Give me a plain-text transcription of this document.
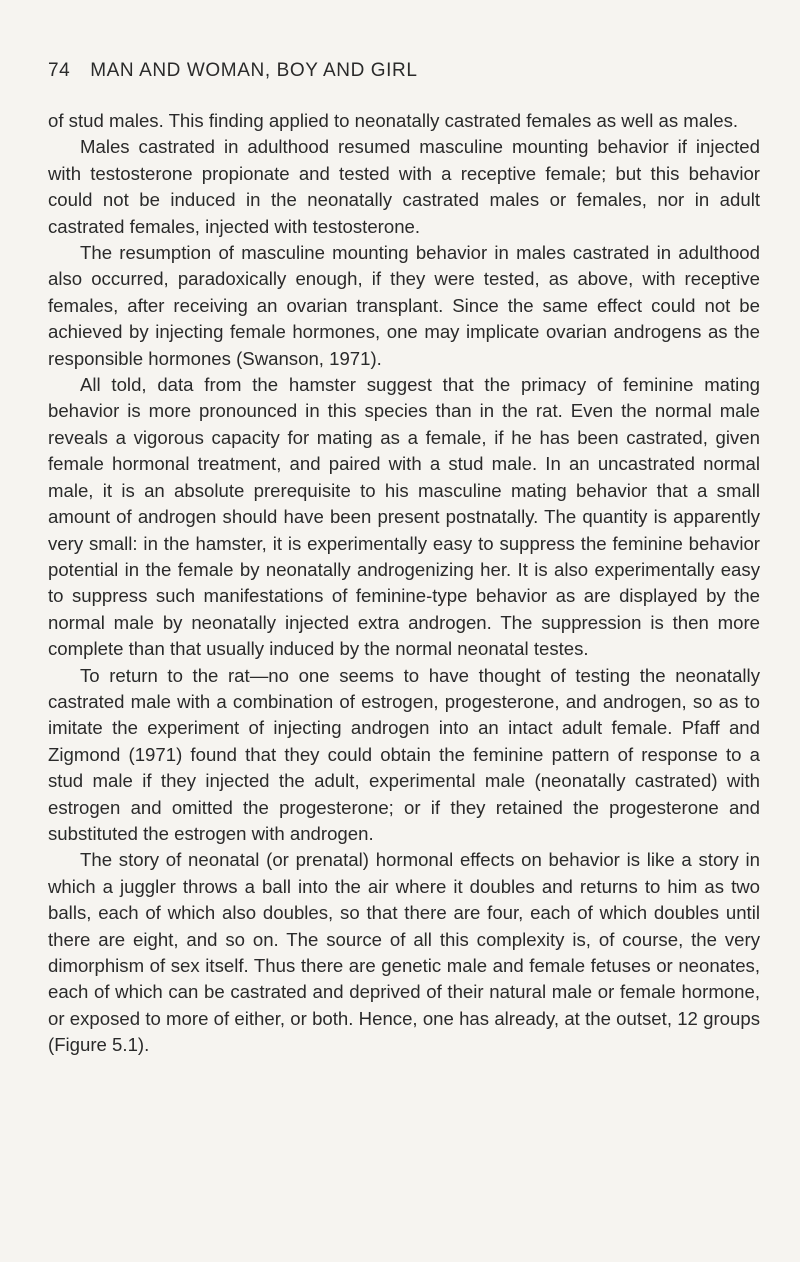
74 MAN AND WOMAN, BOY AND GIRL

of stud males. This finding applied to neonatally castrated females as well as males.

Males castrated in adulthood resumed masculine mounting behavior if injected with testosterone propionate and tested with a receptive female; but this behavior could not be induced in the neonatally castrated males or females, nor in adult castrated females, injected with testosterone.

The resumption of masculine mounting behavior in males castrated in adulthood also occurred, paradoxically enough, if they were tested, as above, with receptive females, after receiving an ovarian transplant. Since the same effect could not be achieved by injecting female hormones, one may implicate ovarian androgens as the responsible hormones (Swanson, 1971).

All told, data from the hamster suggest that the primacy of feminine mating behavior is more pronounced in this species than in the rat. Even the normal male reveals a vigorous capacity for mating as a female, if he has been castrated, given female hormonal treatment, and paired with a stud male. In an uncastrated normal male, it is an absolute prerequisite to his masculine mating behavior that a small amount of androgen should have been present postnatally. The quantity is apparently very small: in the hamster, it is experimentally easy to suppress the feminine behavior potential in the female by neonatally androgenizing her. It is also experimentally easy to suppress such manifestations of feminine-type behavior as are displayed by the normal male by neonatally injected extra androgen. The suppression is then more complete than that usually induced by the normal neonatal testes.

To return to the rat—no one seems to have thought of testing the neonatally castrated male with a combination of estrogen, progesterone, and androgen, so as to imitate the experiment of injecting androgen into an intact adult female. Pfaff and Zigmond (1971) found that they could obtain the feminine pattern of response to a stud male if they injected the adult, experimental male (neonatally castrated) with estrogen and omitted the progesterone; or if they retained the progesterone and substituted the estrogen with androgen.

The story of neonatal (or prenatal) hormonal effects on behavior is like a story in which a juggler throws a ball into the air where it doubles and returns to him as two balls, each of which also doubles, so that there are four, each of which doubles until there are eight, and so on. The source of all this complexity is, of course, the very dimorphism of sex itself. Thus there are genetic male and female fetuses or neonates, each of which can be castrated and deprived of their natural male or female hormone, or exposed to more of either, or both. Hence, one has already, at the outset, 12 groups (Figure 5.1).
